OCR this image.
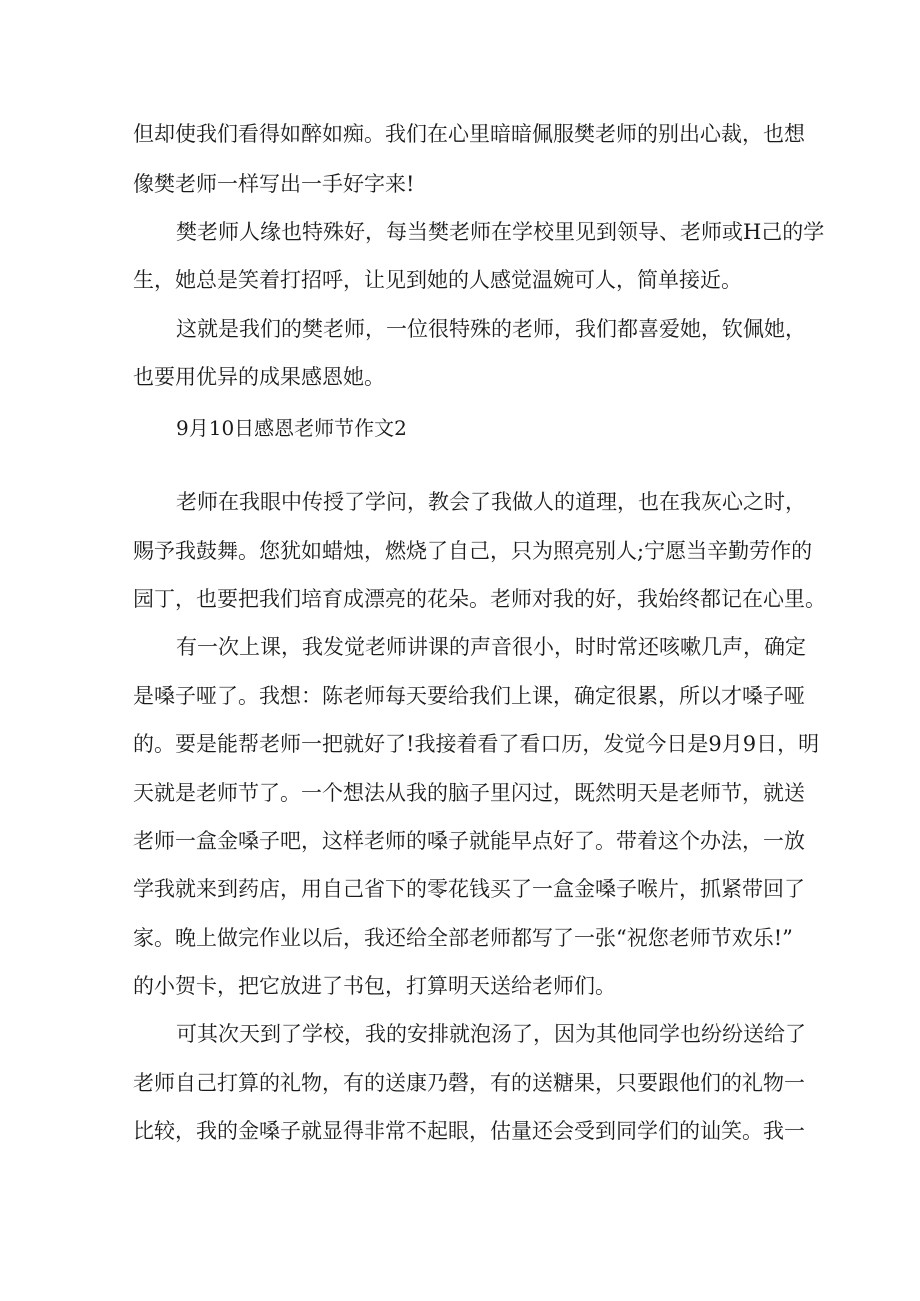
但却使我们看得如醉如痴。我们在心里暗暗佩服樊老师的别出心裁，也想
像樊老师一样写出一手好字来!
樊老师人缘也特殊好，每当樊老师在学校里见到领导、老师或H己的学
生，她总是笑着打招呼，让见到她的人感觉温婉可人，简单接近。
这就是我们的樊老师，一位很特殊的老师，我们都喜爱她，钦佩她，
也要用优异的成果感恩她。
9月10日感恩老师节作文2
老师在我眼中传授了学问，教会了我做人的道理，也在我灰心之时，
赐予我鼓舞。您犹如蜡烛，燃烧了自己，只为照亮别人;宁愿当辛勤劳作的
园丁，也要把我们培育成漂亮的花朵。老师对我的好，我始终都记在心里。
有一次上课，我发觉老师讲课的声音很小，时时常还咳嗽几声，确定
是嗓子哑了。我想：陈老师每天要给我们上课，确定很累，所以才嗓子哑
的。要是能帮老师一把就好了!我接着看了看口历，发觉今日是9月9日，明
天就是老师节了。一个想法从我的脑子里闪过，既然明天是老师节，就送
老师一盒金嗓子吧，这样老师的嗓子就能早点好了。带着这个办法，一放
学我就来到药店，用自己省下的零花钱买了一盒金嗓子喉片，抓紧带回了
家。晚上做完作业以后，我还给全部老师都写了一张“祝您老师节欢乐!”
的小贺卡，把它放进了书包，打算明天送给老师们。
可其次天到了学校，我的安排就泡汤了，因为其他同学也纷纷送给了
老师自己打算的礼物，有的送康乃磬，有的送糖果，只要跟他们的礼物一
比较，我的金嗓子就显得非常不起眼，估量还会受到同学们的讪笑。我一
